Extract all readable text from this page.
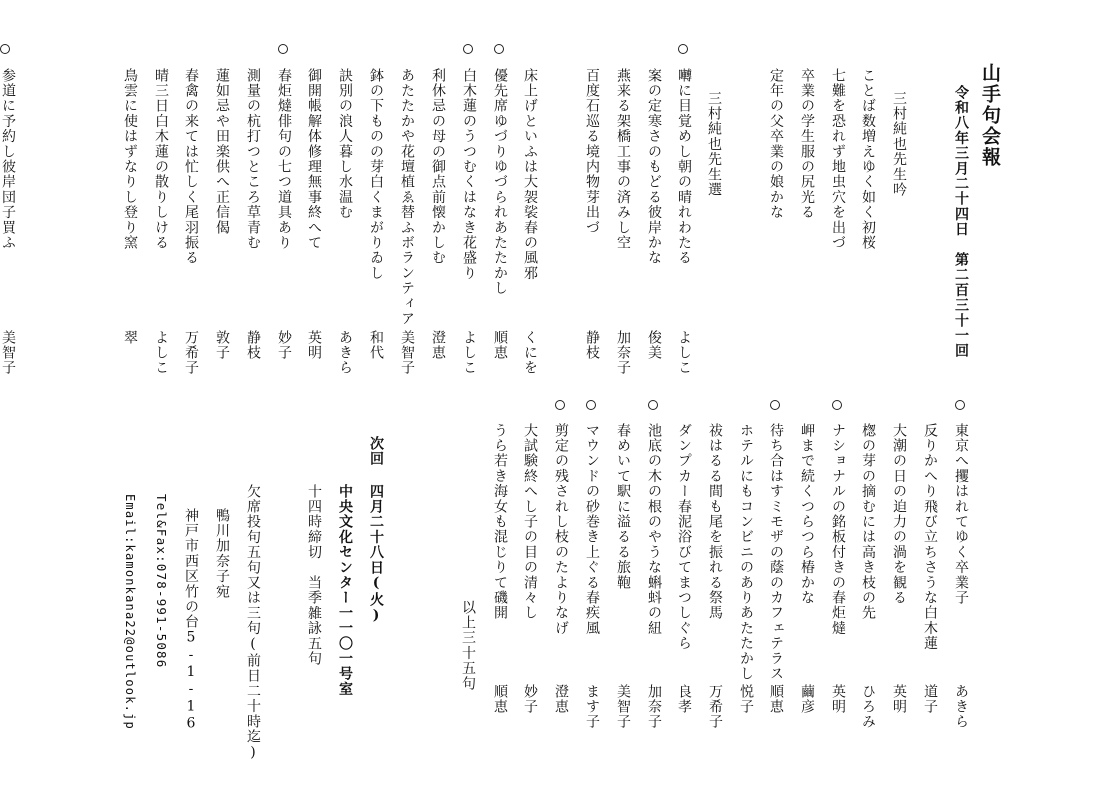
山手句会報
令和八年三月二十四日　第二百三十一回
三村純也先生吟
ことば数増えゆく如く初桜
七難を恐れず地虫穴を出づ
卒業の学生服の尻光る
定年の父卒業の娘かな
三村純也先生選
囀に目覚めし朝の晴れわたる
よしこ
案の定寒さのもどる彼岸かな
俊美
燕来る架橋工事の済みし空
加奈子
百度石巡る境内物芽出づ
静枝
床上げといふは大袈裟春の風邪
くにを
優先席ゆづりゆづられあたたかし
順恵
白木蓮のうつむくはなき花盛り
よしこ
利休忌の母の御点前懐かしむ
澄恵
あたたかや花壇植ゑ替ふボランティア
美智子
鉢の下ものの芽白くまがりゐし
和代
訣別の浪人暮し水温む
あきら
御開帳解体修理無事終へて
英明
春炬燵俳句の七つ道具あり
妙子
測量の杭打つところ草青む
静枝
蓮如忌や田楽供へ正信偈
敦子
春禽の来ては忙しく尾羽振る
万希子
晴三日白木蓮の散りしける
よしこ
鳥雲に使はずなりし登り窯
翠
参道に予約し彼岸団子買ふ
美智子
東京へ攫はれてゆく卒業子
あきら
反りかへり飛び立ちさうな白木蓮
道子
大潮の日の迫力の渦を観る
英明
楤の芽の摘むには高き枝の先
ひろみ
ナショナルの銘板付きの春炬燵
英明
岬まで続くつらつら椿かな
繭彦
待ち合はすミモザの蔭のカフェテラス
順恵
ホテルにもコンビニのありあたたかし
悦子
祓はるる間も尾を振れる祭馬
万希子
ダンプカー春泥浴びてまつしぐら
良孝
池底の木の根のやうな蝌蚪の紐
加奈子
春めいて駅に溢るる旅鞄
美智子
マウンドの砂巻き上ぐる春疾風
ます子
剪定の残されし枝のたよりなげ
澄恵
大試験終へし子の目の清々し
妙子
うら若き海女も混じりて磯開
順恵
以上三十五句
次回
四月二十八日(火)
中央文化センター一一〇一号室
十四時締切　当季雑詠五句
欠席投句五句又は三句(前日二十時迄)
鴨川加奈子宛
神戸市西区竹の台5-1-16
Tel&Fax:078-991-5086
Email:kamonkana22@outlook.jp
